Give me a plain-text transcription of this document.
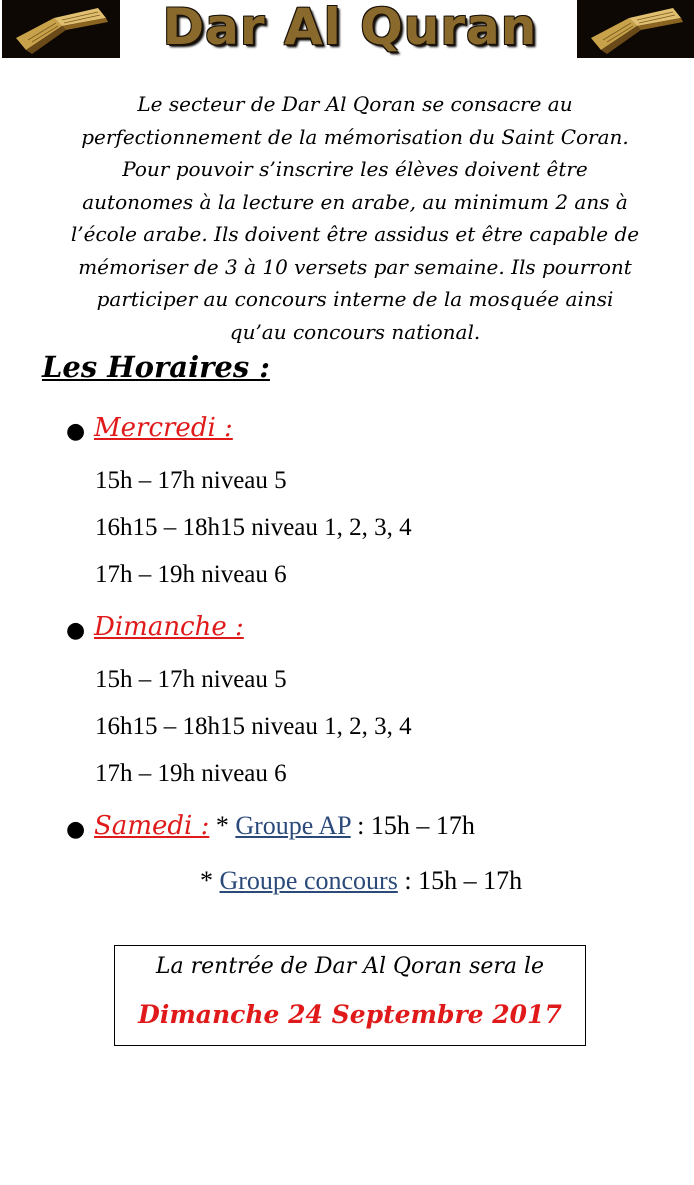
Dar Al Quran
Le secteur de Dar Al Qoran se consacre au
perfectionnement de la mémorisation du Saint Coran.
Pour pouvoir s’inscrire les élèves doivent être
autonomes à la lecture en arabe, au minimum 2 ans à
l’école arabe. Ils doivent être assidus et être capable de
mémoriser de 3 à 10 versets par semaine. Ils pourront
participer au concours interne de la mosquée ainsi
qu’au concours national.
Les Horaires :
● Mercredi :
15h – 17h niveau 5
16h15 – 18h15 niveau 1, 2, 3, 4
17h – 19h niveau 6
● Dimanche :
15h – 17h niveau 5
16h15 – 18h15 niveau 1, 2, 3, 4
17h – 19h niveau 6
● Samedi : * Groupe AP : 15h – 17h
* Groupe concours : 15h – 17h
La rentrée de Dar Al Qoran sera le
Dimanche 24 Septembre 2017
